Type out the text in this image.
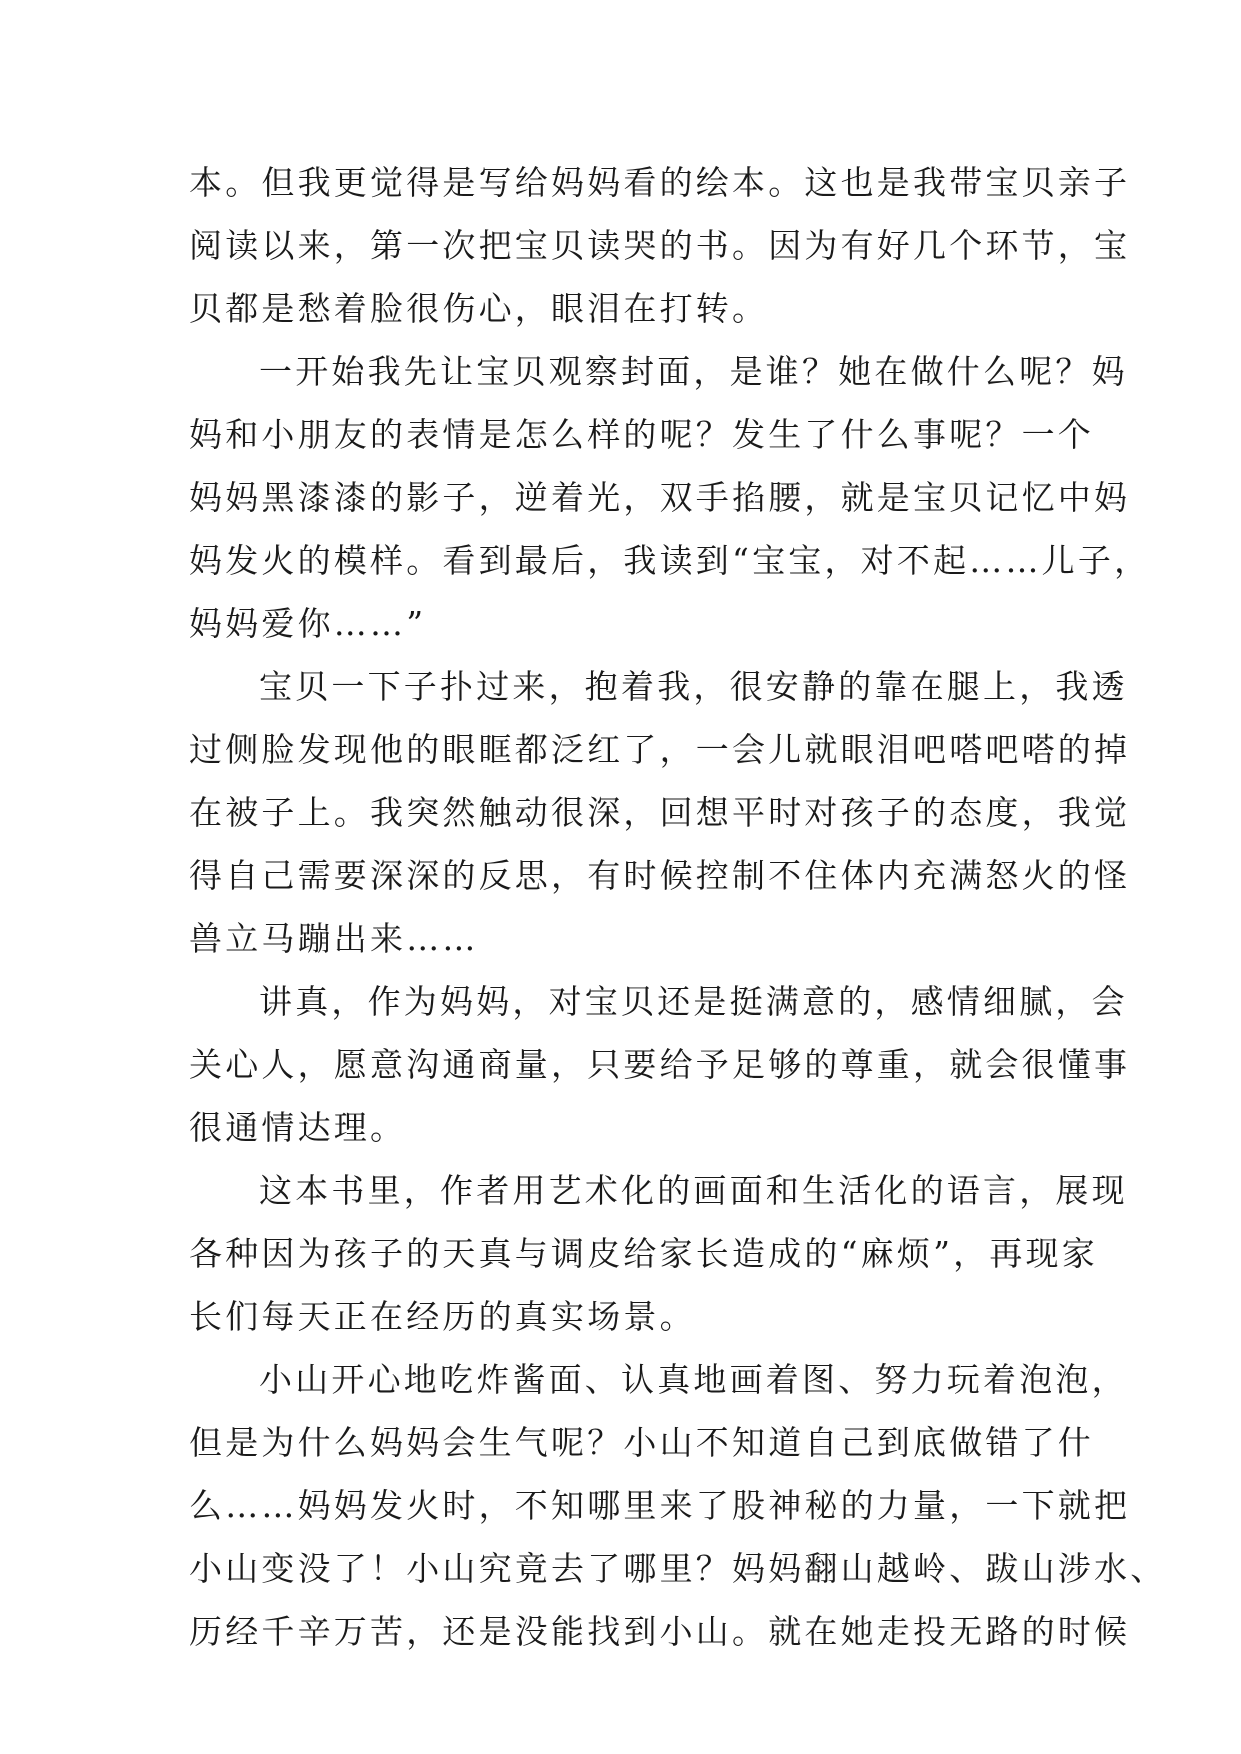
本。但我更觉得是写给妈妈看的绘本。这也是我带宝贝亲子
阅读以来，第一次把宝贝读哭的书。因为有好几个环节，宝
贝都是愁着脸很伤心，眼泪在打转。
一开始我先让宝贝观察封面，是谁？她在做什么呢？妈
妈和小朋友的表情是怎么样的呢？发生了什么事呢？一个
妈妈黑漆漆的影子，逆着光，双手掐腰，就是宝贝记忆中妈
妈发火的模样。看到最后，我读到“宝宝，对不起……儿子，
妈妈爱你……”
宝贝一下子扑过来，抱着我，很安静的靠在腿上，我透
过侧脸发现他的眼眶都泛红了，一会儿就眼泪吧嗒吧嗒的掉
在被子上。我突然触动很深，回想平时对孩子的态度，我觉
得自己需要深深的反思，有时候控制不住体内充满怒火的怪
兽立马蹦出来……
讲真，作为妈妈，对宝贝还是挺满意的，感情细腻，会
关心人，愿意沟通商量，只要给予足够的尊重，就会很懂事
很通情达理。
这本书里，作者用艺术化的画面和生活化的语言，展现
各种因为孩子的天真与调皮给家长造成的“麻烦”，再现家
长们每天正在经历的真实场景。
小山开心地吃炸酱面、认真地画着图、努力玩着泡泡，
但是为什么妈妈会生气呢？小山不知道自己到底做错了什
么……妈妈发火时，不知哪里来了股神秘的力量，一下就把
小山变没了！小山究竟去了哪里？妈妈翻山越岭、跋山涉水、
历经千辛万苦，还是没能找到小山。就在她走投无路的时候
